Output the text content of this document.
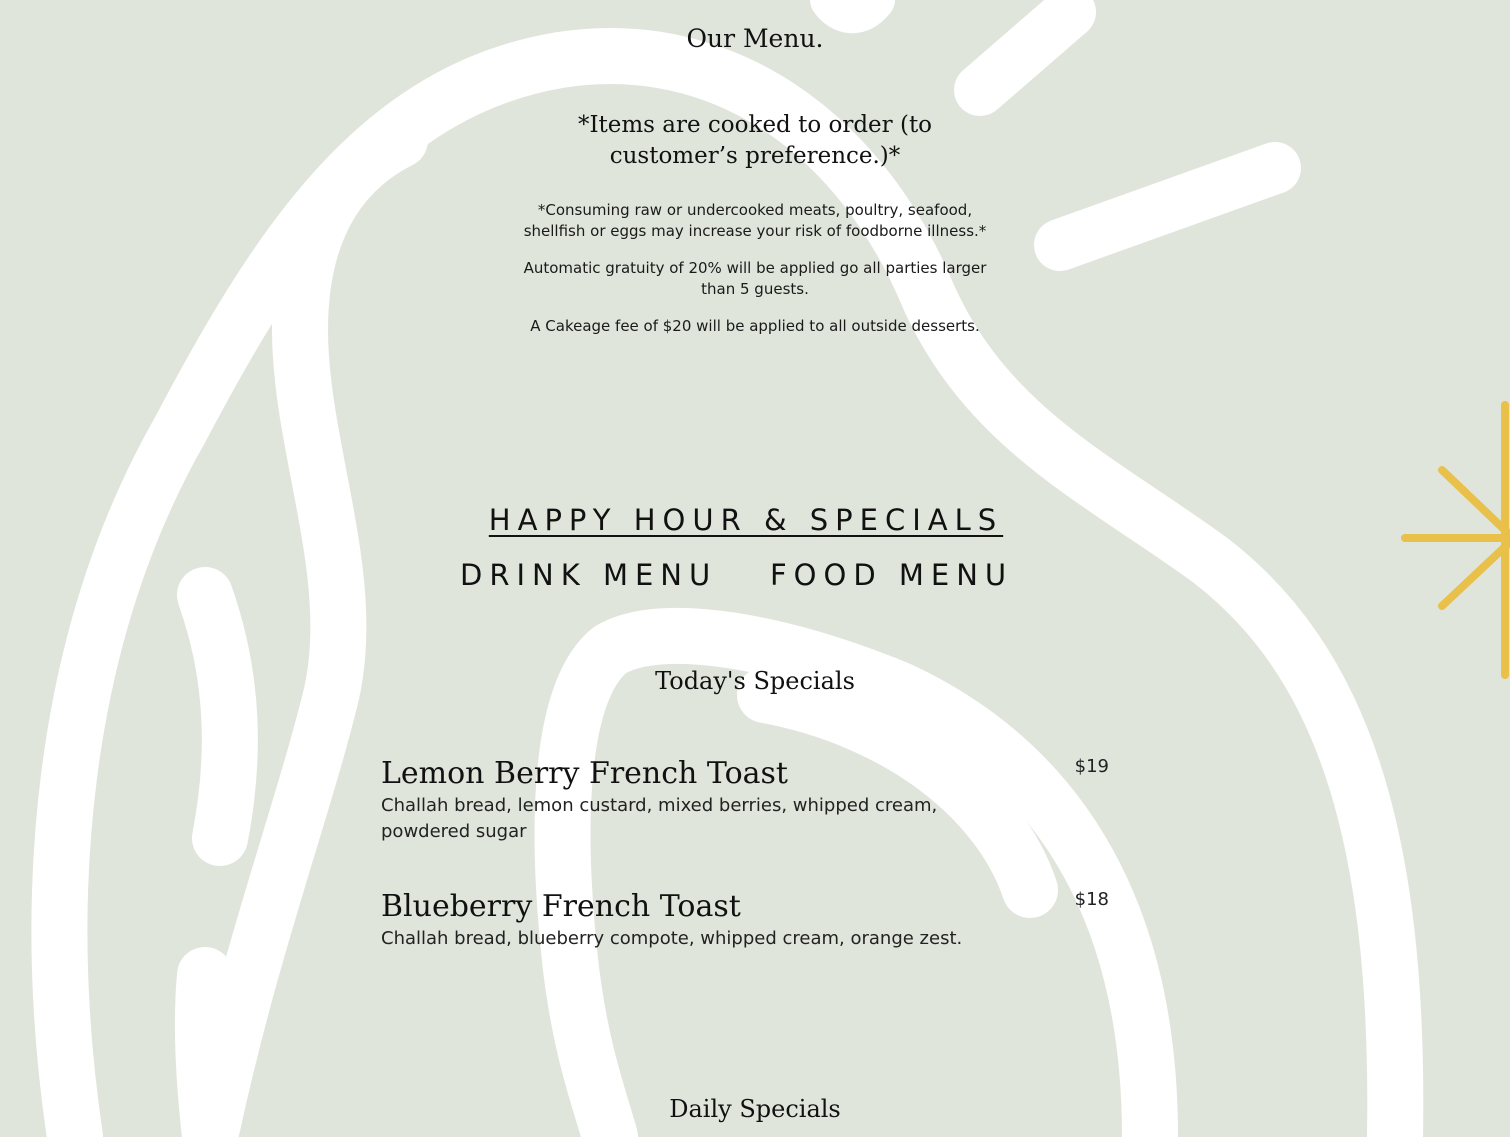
Our Menu.
*Items are cooked to order (to
customer’s preference.)*
*Consuming raw or undercooked meats, poultry, seafood,
shellfish or eggs may increase your risk of foodborne illness.*
Automatic gratuity of 20% will be applied go all parties larger
than 5 guests.
A Cakeage fee of $20 will be applied to all outside desserts.
HAPPY HOUR & SPECIALS
DRINK MENU FOOD MENU
Today's Specials
Lemon Berry French Toast
Challah bread, lemon custard, mixed berries, whipped cream, powdered sugar
$19
Blueberry French Toast
Challah bread, blueberry compote, whipped cream, orange zest.
$18
Daily Specials
